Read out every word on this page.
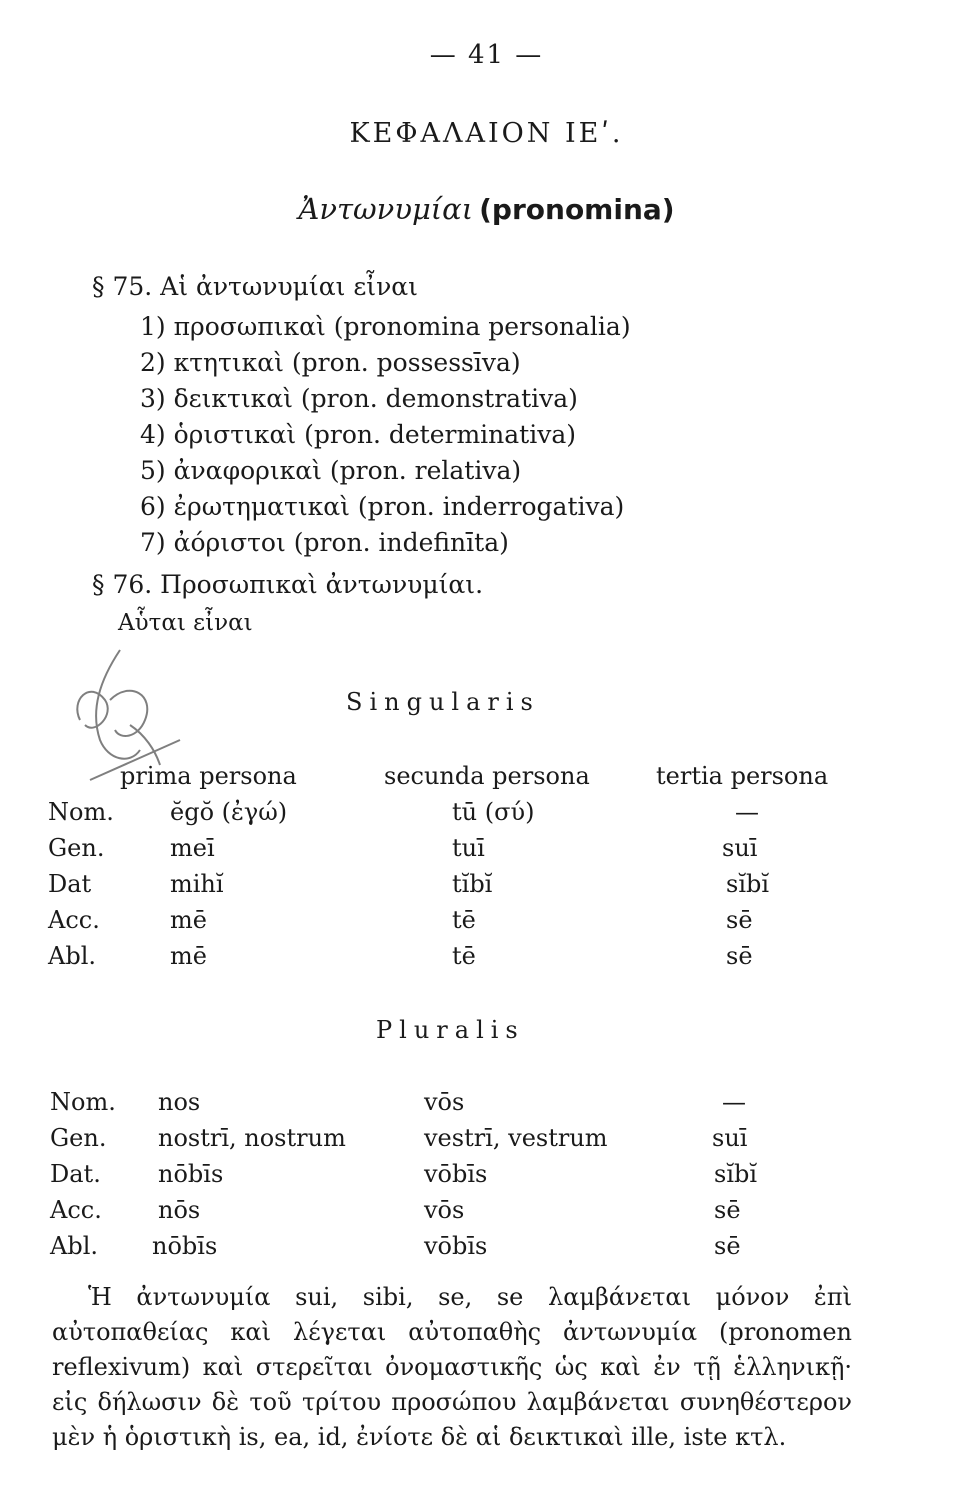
— 41 —
ΚΕΦΑΛΑΙΟΝ ΙΕʹ.
Ἀντωνυμίαι (pronomina)
§ 75. Αἱ ἀντωνυμίαι εἶναι
1) προσωπικαὶ (pronomina personalia)
2) κτητικαὶ (pron. possessīva)
3) δεικτικαὶ (pron. demonstrativa)
4) ὁριστικαὶ (pron. determinativa)
5) ἀναφορικαὶ (pron. relativa)
6) ἐρωτηματικαὶ (pron. inderrogativa)
7) ἀόριστοι (pron. indefinīta)
§ 76. Προσωπικαὶ ἀντωνυμίαι.
Αὗται εἶναι
Singularis
prima persona	secunda persona	tertia persona
Nom. ĕgŏ (ἐγώ)	tū (σύ)	—
Gen.	meī	tuī	suī
Dat	mihĭ	tĭbĭ	sĭbĭ
Acc.	mē	tē	sē
Abl.	mē	tē	sē
Pluralis
Nom. nos	vōs	—
Gen. nostrī, nostrum	vestrī, vestrum	suī
Dat. nōbīs	vōbīs	sĭbĭ
Acc. nōs	vōs	sē
Abl. nōbīs	vōbīs	sē
Ἡ ἀντωνυμία sui, sibi, se, se λαμβάνεται μόνον ἐπὶ αὐτοπαθείας καὶ λέγεται αὐτοπαθὴς ἀντωνυμία (pronomen reflexivum) καὶ στερεῖται ὀνομαστικῆς ὡς καὶ ἐν τῇ ἑλληνικῇ· εἰς δήλωσιν δὲ τοῦ τρίτου προσώπου λαμβάνεται συνηθέστερον μὲν ἡ ὁριστικὴ is, ea, id, ἐνίοτε δὲ αἱ δεικτικαὶ ille, iste κτλ.
